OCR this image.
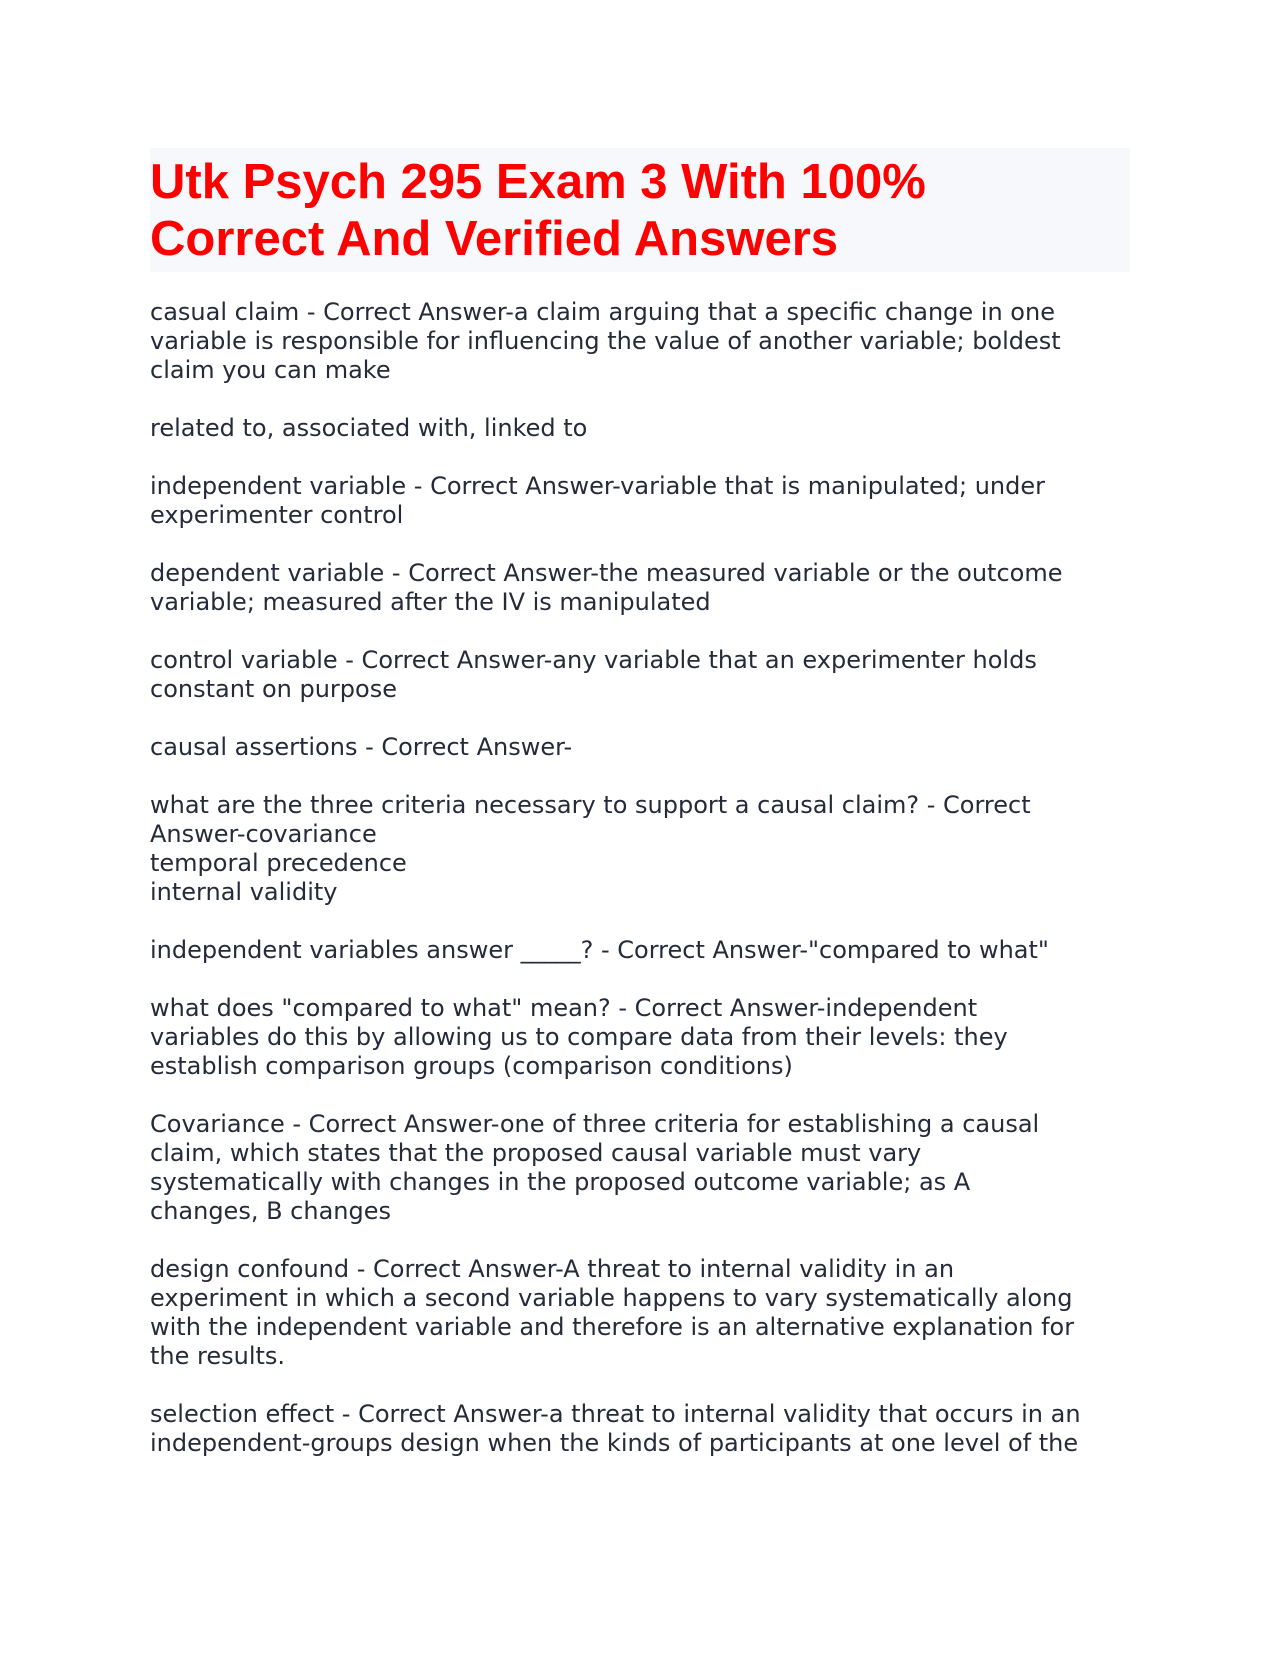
Utk Psych 295 Exam 3 With 100%
Correct And Verified Answers

casual claim - Correct Answer-a claim arguing that a specific change in one
variable is responsible for influencing the value of another variable; boldest
claim you can make

related to, associated with, linked to

independent variable - Correct Answer-variable that is manipulated; under
experimenter control

dependent variable - Correct Answer-the measured variable or the outcome
variable; measured after the IV is manipulated

control variable - Correct Answer-any variable that an experimenter holds
constant on purpose

causal assertions - Correct Answer-

what are the three criteria necessary to support a causal claim? - Correct
Answer-covariance
temporal precedence
internal validity

independent variables answer _____? - Correct Answer-"compared to what"

what does "compared to what" mean? - Correct Answer-independent
variables do this by allowing us to compare data from their levels: they
establish comparison groups (comparison conditions)

Covariance - Correct Answer-one of three criteria for establishing a causal
claim, which states that the proposed causal variable must vary
systematically with changes in the proposed outcome variable; as A
changes, B changes

design confound - Correct Answer-A threat to internal validity in an
experiment in which a second variable happens to vary systematically along
with the independent variable and therefore is an alternative explanation for
the results.

selection effect - Correct Answer-a threat to internal validity that occurs in an
independent-groups design when the kinds of participants at one level of the
